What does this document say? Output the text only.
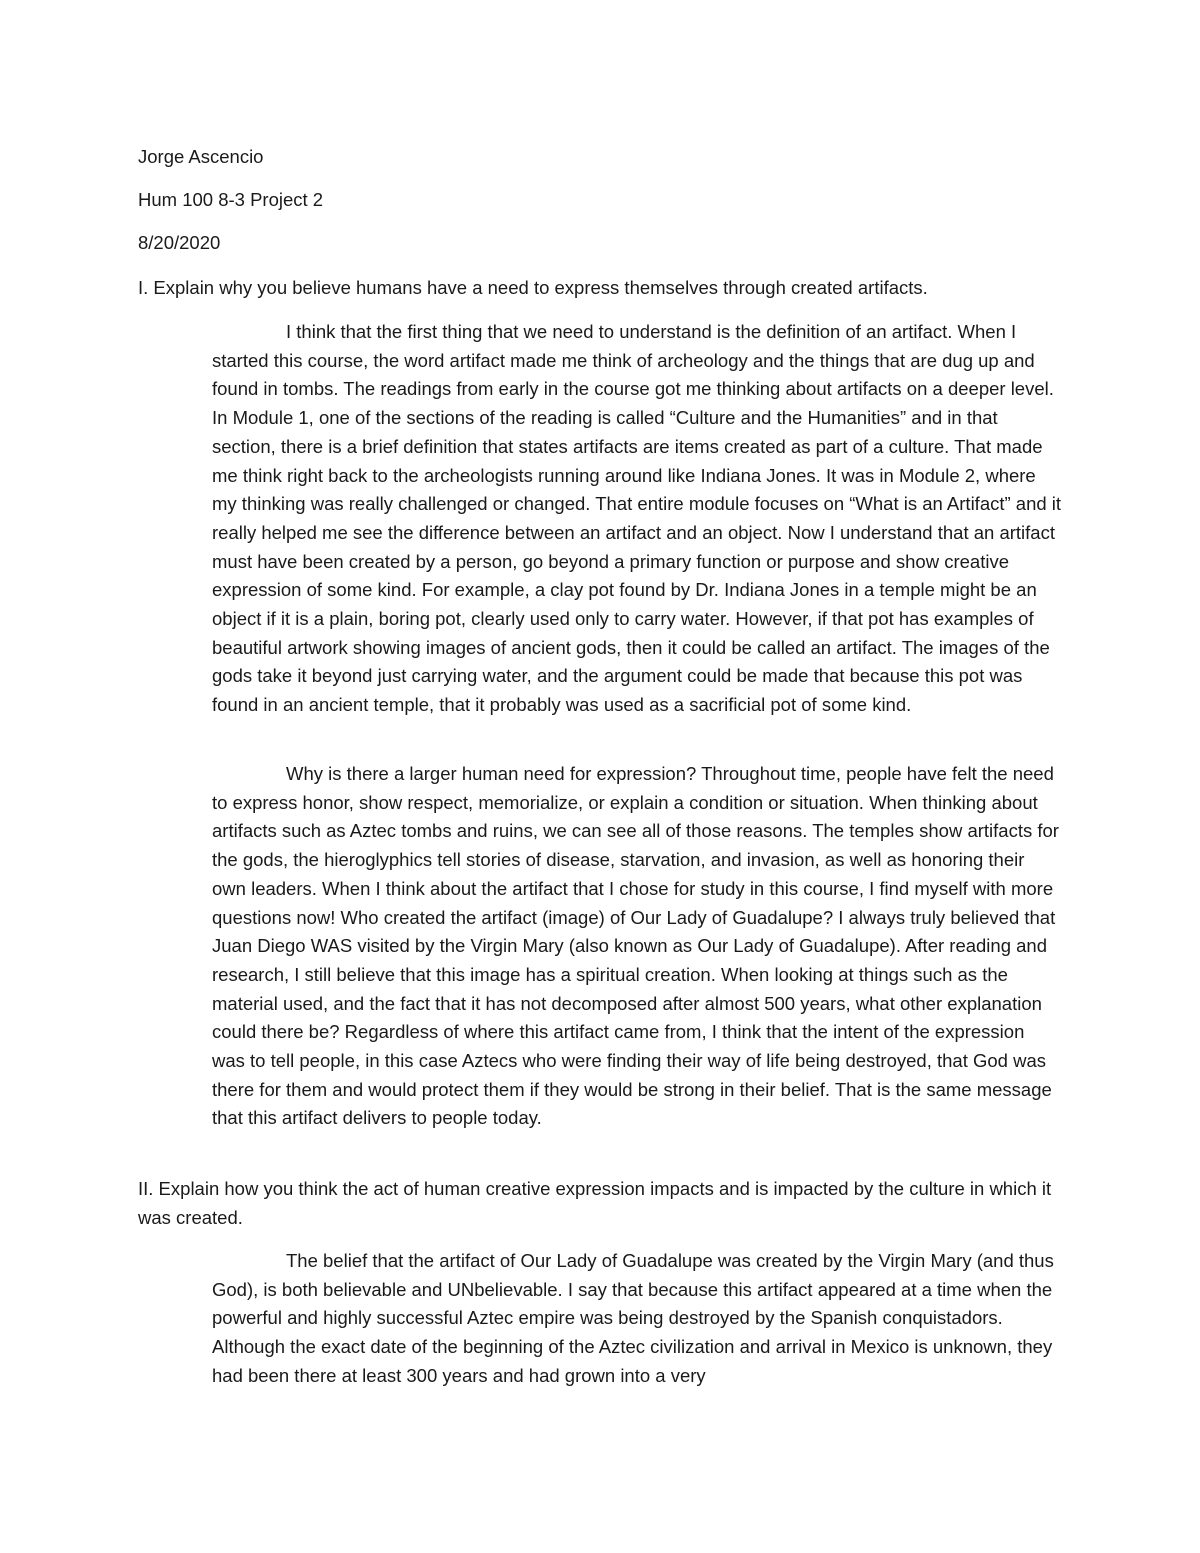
Jorge Ascencio

Hum 100 8-3 Project 2

8/20/2020

I. Explain why you believe humans have a need to express themselves through created artifacts.

I think that the first thing that we need to understand is the definition of an artifact. When I started this course, the word artifact made me think of archeology and the things that are dug up and found in tombs. The readings from early in the course got me thinking about artifacts on a deeper level. In Module 1, one of the sections of the reading is called “Culture and the Humanities” and in that section, there is a brief definition that states artifacts are items created as part of a culture. That made me think right back to the archeologists running around like Indiana Jones. It was in Module 2, where my thinking was really challenged or changed. That entire module focuses on “What is an Artifact” and it really helped me see the difference between an artifact and an object. Now I understand that an artifact must have been created by a person, go beyond a primary function or purpose and show creative expression of some kind. For example, a clay pot found by Dr. Indiana Jones in a temple might be an object if it is a plain, boring pot, clearly used only to carry water. However, if that pot has examples of beautiful artwork showing images of ancient gods, then it could be called an artifact. The images of the gods take it beyond just carrying water, and the argument could be made that because this pot was found in an ancient temple, that it probably was used as a sacrificial pot of some kind.

Why is there a larger human need for expression? Throughout time, people have felt the need to express honor, show respect, memorialize, or explain a condition or situation. When thinking about artifacts such as Aztec tombs and ruins, we can see all of those reasons. The temples show artifacts for the gods, the hieroglyphics tell stories of disease, starvation, and invasion, as well as honoring their own leaders. When I think about the artifact that I chose for study in this course, I find myself with more questions now! Who created the artifact (image) of Our Lady of Guadalupe? I always truly believed that Juan Diego WAS visited by the Virgin Mary (also known as Our Lady of Guadalupe). After reading and research, I still believe that this image has a spiritual creation. When looking at things such as the material used, and the fact that it has not decomposed after almost 500 years, what other explanation could there be? Regardless of where this artifact came from, I think that the intent of the expression was to tell people, in this case Aztecs who were finding their way of life being destroyed, that God was there for them and would protect them if they would be strong in their belief. That is the same message that this artifact delivers to people today.

II. Explain how you think the act of human creative expression impacts and is impacted by the culture in which it was created.

The belief that the artifact of Our Lady of Guadalupe was created by the Virgin Mary (and thus God), is both believable and UNbelievable. I say that because this artifact appeared at a time when the powerful and highly successful Aztec empire was being destroyed by the Spanish conquistadors. Although the exact date of the beginning of the Aztec civilization and arrival in Mexico is unknown, they had been there at least 300 years and had grown into a very
